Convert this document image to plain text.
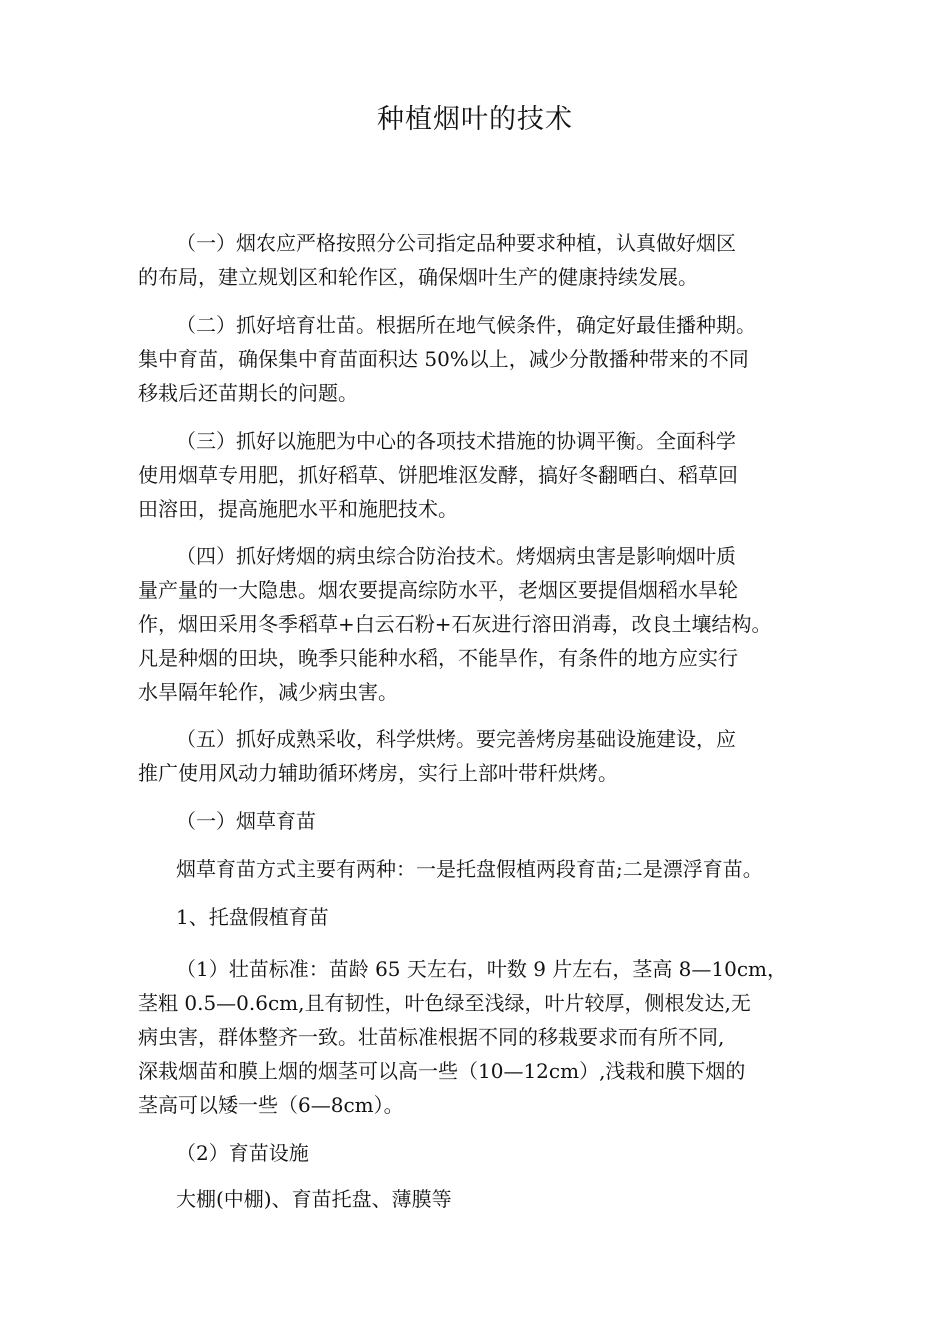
种植烟叶的技术

（一）烟农应严格按照分公司指定品种要求种植，认真做好烟区
的布局，建立规划区和轮作区，确保烟叶生产的健康持续发展。

（二）抓好培育壮苗。根据所在地气候条件，确定好最佳播种期。
集中育苗，确保集中育苗面积达 50%以上，减少分散播种带来的不同
移栽后还苗期长的问题。

（三）抓好以施肥为中心的各项技术措施的协调平衡。全面科学
使用烟草专用肥，抓好稻草、饼肥堆沤发酵，搞好冬翻晒白、稻草回
田溶田，提高施肥水平和施肥技术。

（四）抓好烤烟的病虫综合防治技术。烤烟病虫害是影响烟叶质
量产量的一大隐患。烟农要提高综防水平，老烟区要提倡烟稻水旱轮
作，烟田采用冬季稻草+白云石粉+石灰进行溶田消毒，改良土壤结构。
凡是种烟的田块，晚季只能种水稻，不能旱作，有条件的地方应实行
水旱隔年轮作，减少病虫害。

（五）抓好成熟采收，科学烘烤。要完善烤房基础设施建设，应
推广使用风动力辅助循环烤房，实行上部叶带秆烘烤。

（一）烟草育苗

烟草育苗方式主要有两种：一是托盘假植两段育苗;二是漂浮育苗。

1、托盘假植育苗

（1）壮苗标准：苗龄 65 天左右，叶数 9 片左右，茎高 8—10cm，
茎粗 0.5—0.6cm,且有韧性，叶色绿至浅绿，叶片较厚，侧根发达,无
病虫害，群体整齐一致。壮苗标准根据不同的移栽要求而有所不同,
深栽烟苗和膜上烟的烟茎可以高一些（10—12cm）,浅栽和膜下烟的
茎高可以矮一些（6—8cm）。

（2）育苗设施

大棚(中棚)、育苗托盘、薄膜等
